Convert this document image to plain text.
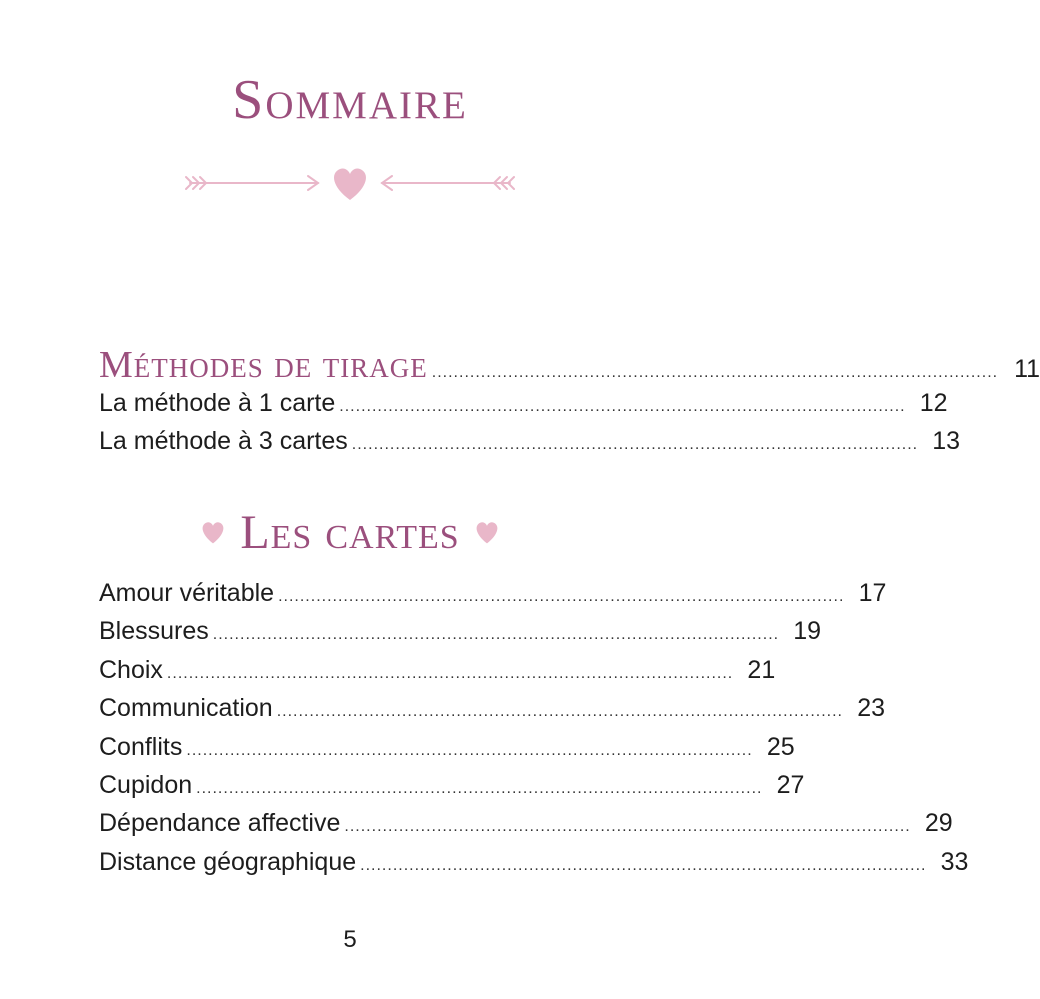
Sommaire
Méthodes de tirage ........................................................................................................ 11
La méthode à 1 carte ........................................................................................................ 12
La méthode à 3 cartes ........................................................................................................ 13
Les cartes
Amour véritable ........................................................................................................ 17
Blessures ........................................................................................................ 19
Choix ........................................................................................................ 21
Communication ........................................................................................................ 23
Conflits ........................................................................................................ 25
Cupidon ........................................................................................................ 27
Dépendance affective ........................................................................................................ 29
Distance géographique ........................................................................................................ 33
5
